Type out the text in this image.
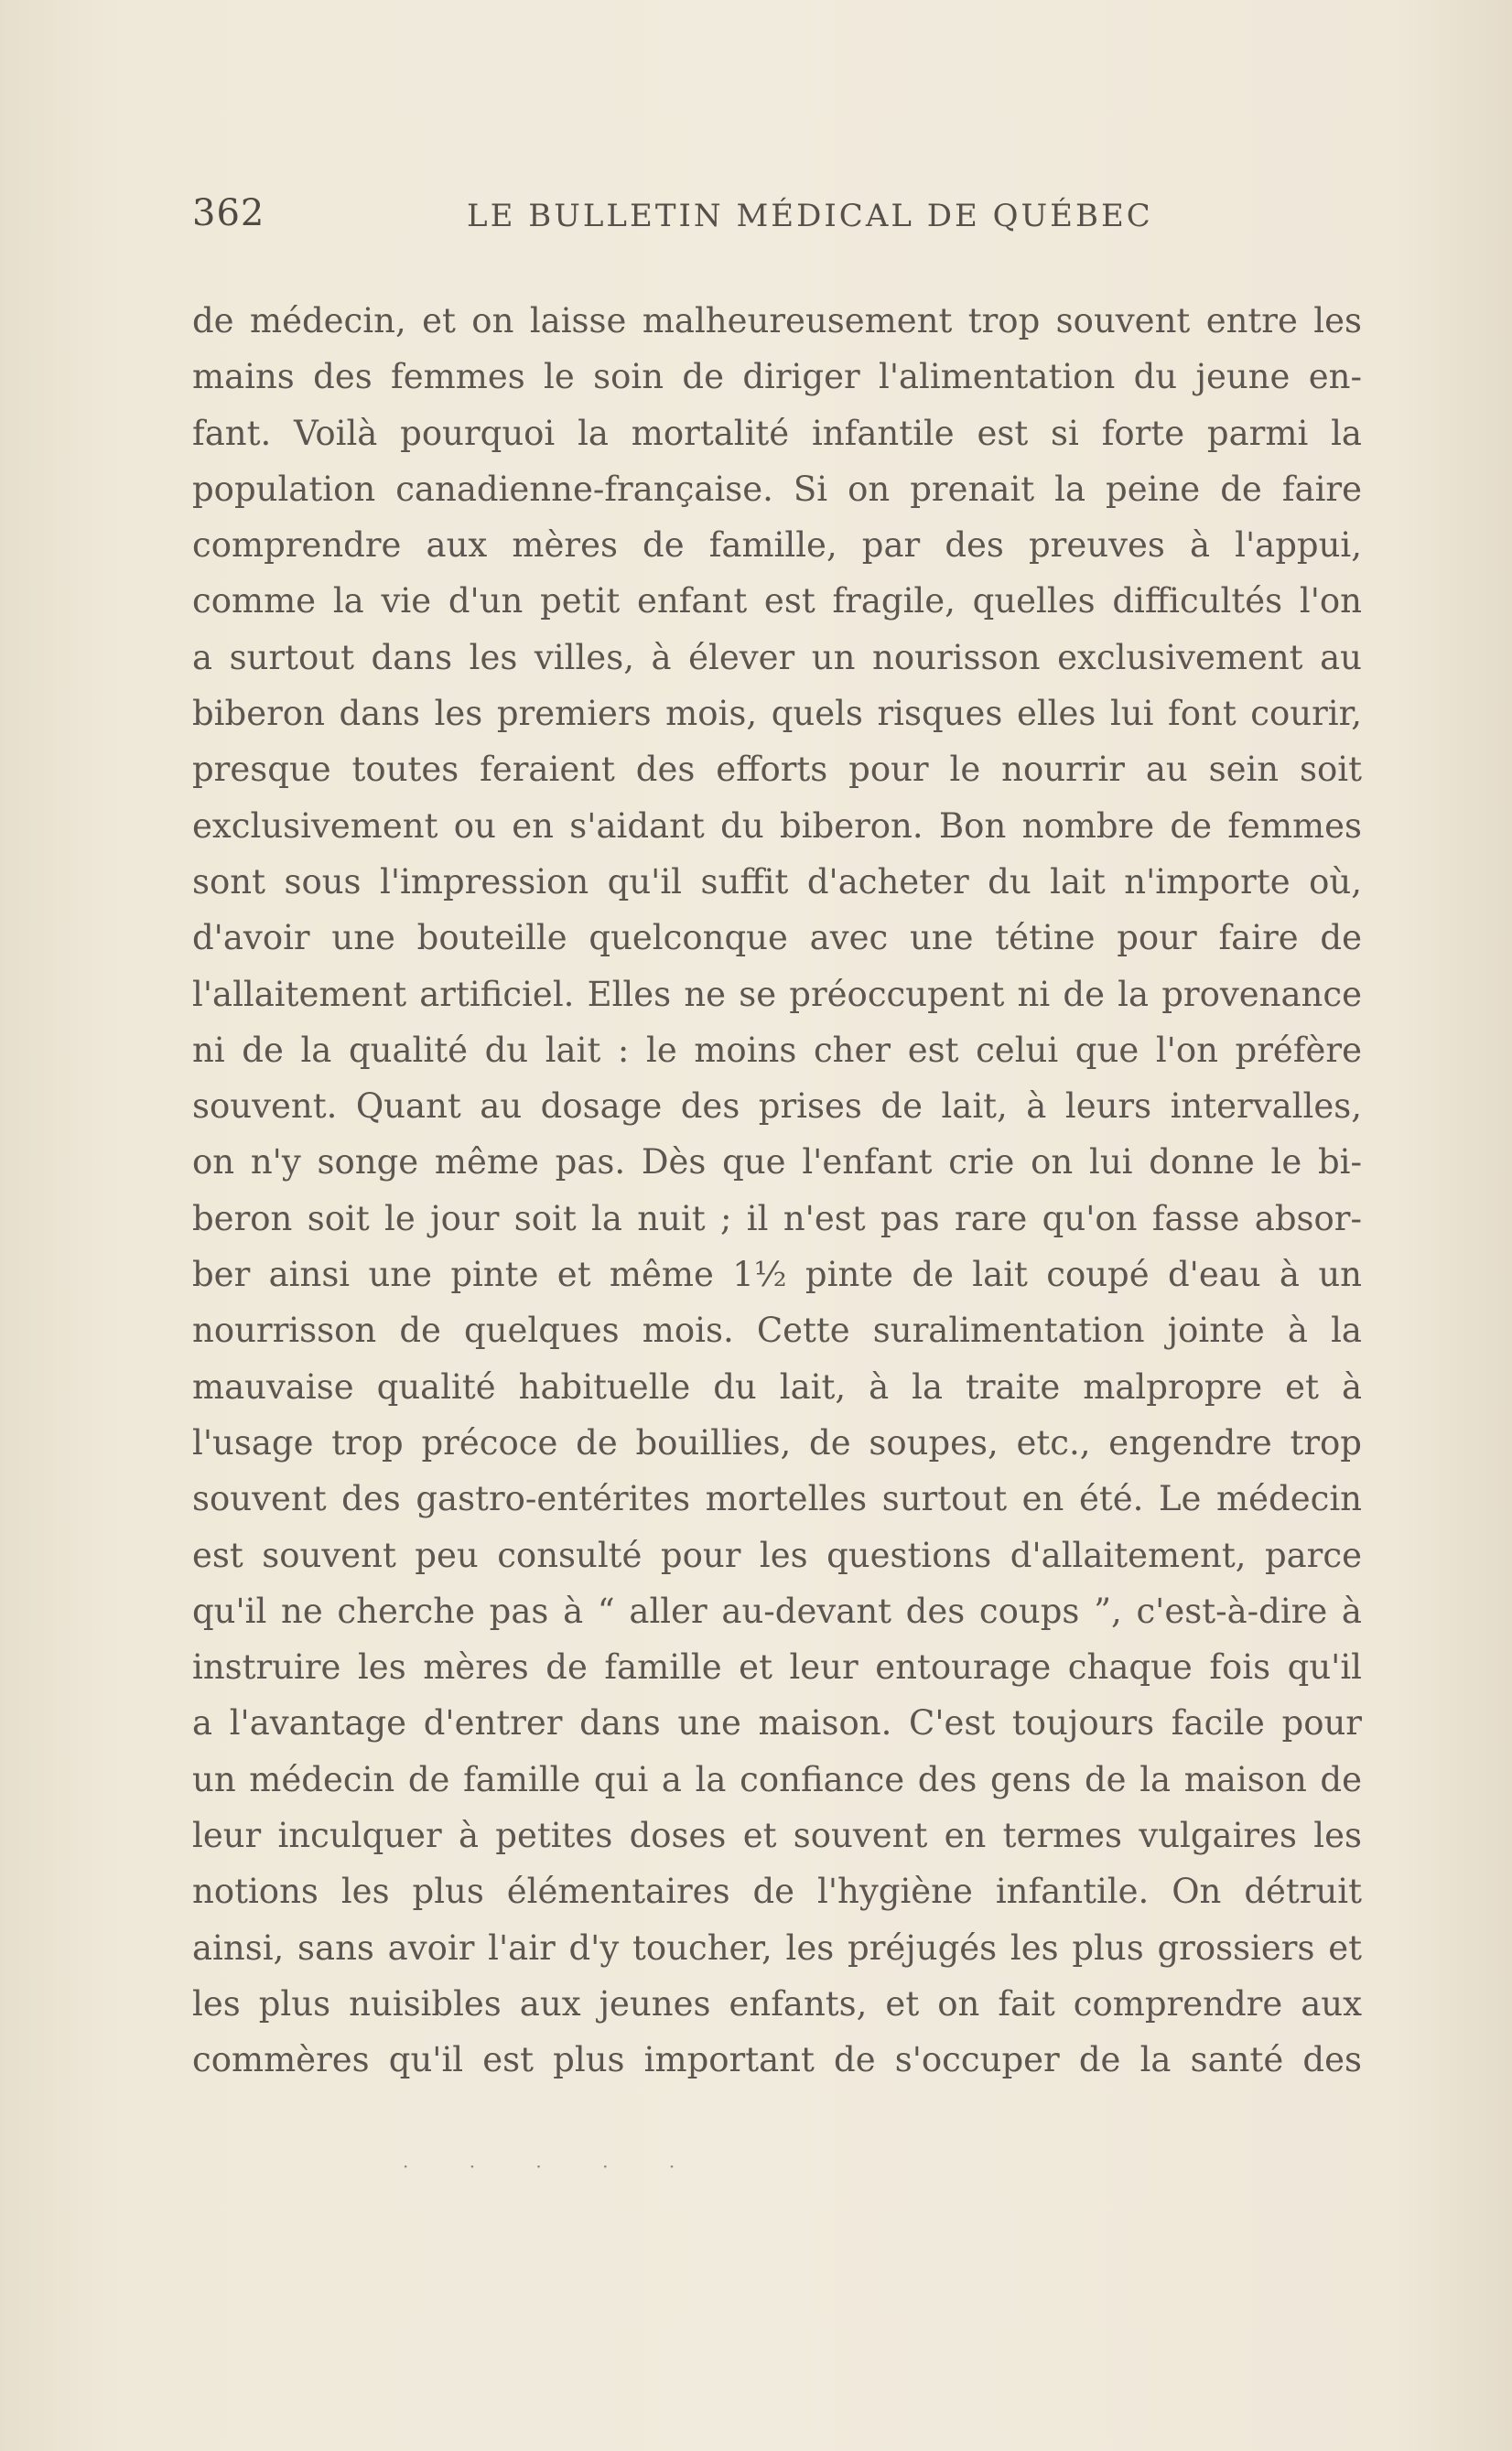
362	LE BULLETIN MÉDICAL DE QUÉBEC
de médecin, et on laisse malheureusement trop souvent entre les
mains des femmes le soin de diriger l'alimentation du jeune en-
fant. Voilà pourquoi la mortalité infantile est si forte parmi la
population canadienne-française. Si on prenait la peine de faire
comprendre aux mères de famille, par des preuves à l'appui,
comme la vie d'un petit enfant est fragile, quelles difficultés l'on
a surtout dans les villes, à élever un nourisson exclusivement au
biberon dans les premiers mois, quels risques elles lui font courir,
presque toutes feraient des efforts pour le nourrir au sein soit
exclusivement ou en s'aidant du biberon. Bon nombre de femmes
sont sous l'impression qu'il suffit d'acheter du lait n'importe où,
d'avoir une bouteille quelconque avec une tétine pour faire de
l'allaitement artificiel. Elles ne se préoccupent ni de la provenance
ni de la qualité du lait : le moins cher est celui que l'on préfère
souvent. Quant au dosage des prises de lait, à leurs intervalles,
on n'y songe même pas. Dès que l'enfant crie on lui donne le bi-
beron soit le jour soit la nuit ; il n'est pas rare qu'on fasse absor-
ber ainsi une pinte et même 1½ pinte de lait coupé d'eau à un
nourrisson de quelques mois. Cette suralimentation jointe à la
mauvaise qualité habituelle du lait, à la traite malpropre et à
l'usage trop précoce de bouillies, de soupes, etc., engendre trop
souvent des gastro-entérites mortelles surtout en été. Le médecin
est souvent peu consulté pour les questions d'allaitement, parce
qu'il ne cherche pas à “ aller au-devant des coups ”, c'est-à-dire à
instruire les mères de famille et leur entourage chaque fois qu'il
a l'avantage d'entrer dans une maison. C'est toujours facile pour
un médecin de famille qui a la confiance des gens de la maison de
leur inculquer à petites doses et souvent en termes vulgaires les
notions les plus élémentaires de l'hygiène infantile. On détruit
ainsi, sans avoir l'air d'y toucher, les préjugés les plus grossiers et
les plus nuisibles aux jeunes enfants, et on fait comprendre aux
commères qu'il est plus important de s'occuper de la santé des
· · · · ·
